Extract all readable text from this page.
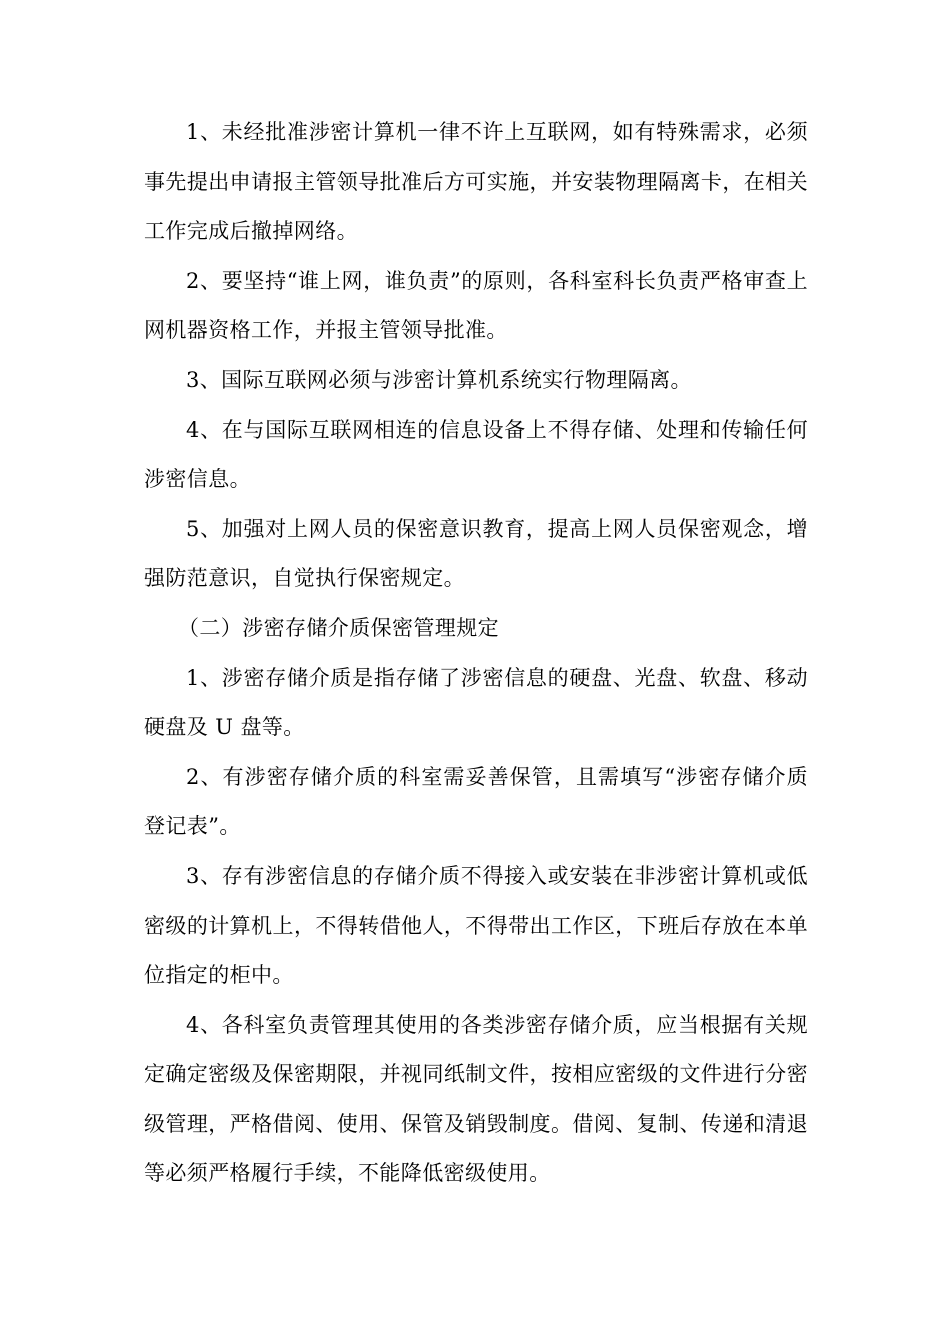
1、未经批准涉密计算机一律不许上互联网，如有特殊需求，必须事先提出申请报主管领导批准后方可实施，并安装物理隔离卡，在相关工作完成后撤掉网络。

2、要坚持“谁上网，谁负责”的原则，各科室科长负责严格审查上网机器资格工作，并报主管领导批准。

3、国际互联网必须与涉密计算机系统实行物理隔离。

4、在与国际互联网相连的信息设备上不得存储、处理和传输任何涉密信息。

5、加强对上网人员的保密意识教育，提高上网人员保密观念，增强防范意识，自觉执行保密规定。

（二）涉密存储介质保密管理规定

1、涉密存储介质是指存储了涉密信息的硬盘、光盘、软盘、移动硬盘及 U 盘等。

2、有涉密存储介质的科室需妥善保管，且需填写“涉密存储介质登记表”。

3、存有涉密信息的存储介质不得接入或安装在非涉密计算机或低密级的计算机上，不得转借他人，不得带出工作区，下班后存放在本单位指定的柜中。

4、各科室负责管理其使用的各类涉密存储介质，应当根据有关规定确定密级及保密期限，并视同纸制文件，按相应密级的文件进行分密级管理，严格借阅、使用、保管及销毁制度。借阅、复制、传递和清退等必须严格履行手续，不能降低密级使用。
